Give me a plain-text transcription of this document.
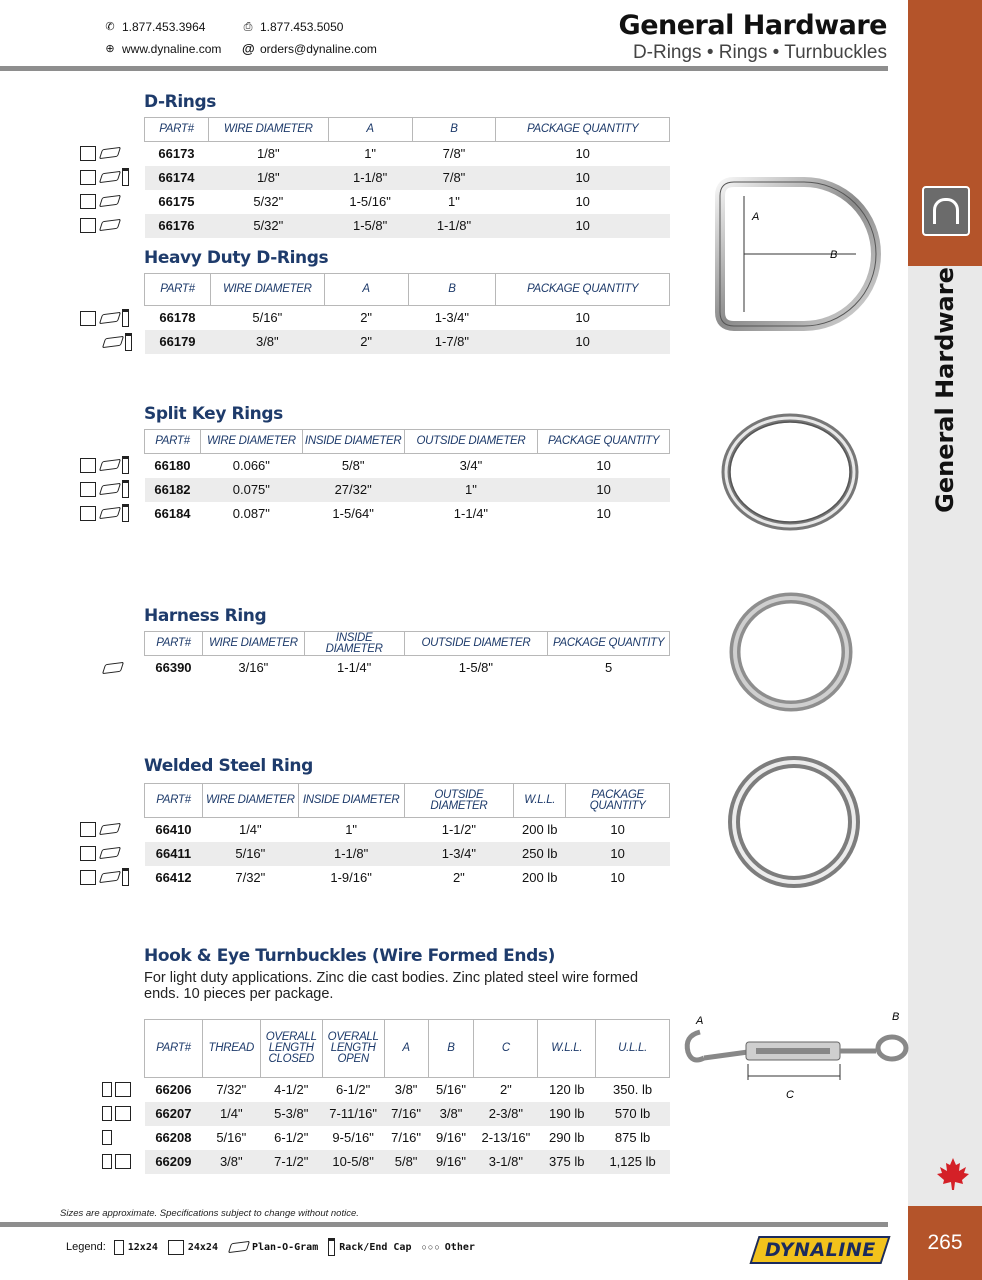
✆ 1.877.453.3964
⊕ www.dynaline.com
⎙ 1.877.453.5050
@ orders@dynaline.com
General Hardware
D-Rings • Rings • Turnbuckles
General Hardware
265
D-Rings
PART#	WIRE DIAMETER	A	B	PACKAGE QUANTITY
66173	1/8"	1"	7/8"	10
66174	1/8"	1-1/8"	7/8"	10
66175	5/32"	1-5/16"	1"	10
66176	5/32"	1-5/8"	1-1/8"	10
Heavy Duty D-Rings
PART#	WIRE DIAMETER	A	B	PACKAGE QUANTITY
66178	5/16"	2"	1-3/4"	10
66179	3/8"	2"	1-7/8"	10
Split Key Rings
PART#	WIRE DIAMETER	INSIDE DIAMETER	OUTSIDE DIAMETER	PACKAGE QUANTITY
66180	0.066"	5/8"	3/4"	10
66182	0.075"	27/32"	1"	10
66184	0.087"	1-5/64"	1-1/4"	10
Harness Ring
PART#	WIRE DIAMETER	INSIDE DIAMETER	OUTSIDE DIAMETER	PACKAGE QUANTITY
66390	3/16"	1-1/4"	1-5/8"	5
Welded Steel Ring
PART#	WIRE DIAMETER	INSIDE DIAMETER	OUTSIDE DIAMETER	W.L.L.	PACKAGE QUANTITY
66410	1/4"	1"	1-1/2"	200 lb	10
66411	5/16"	1-1/8"	1-3/4"	250 lb	10
66412	7/32"	1-9/16"	2"	200 lb	10
Hook & Eye Turnbuckles (Wire Formed Ends)
For light duty applications. Zinc die cast bodies. Zinc plated steel wire formed ends. 10 pieces per package.
PART#	THREAD	OVERALL LENGTH CLOSED	OVERALL LENGTH OPEN	A	B	C	W.L.L.	U.L.L.
66206	7/32"	4-1/2"	6-1/2"	3/8"	5/16"	2"	120 lb	350. lb
66207	1/4"	5-3/8"	7-11/16"	7/16"	3/8"	2-3/8"	190 lb	570 lb
66208	5/16"	6-1/2"	9-5/16"	7/16"	9/16"	2-13/16"	290 lb	875 lb
66209	3/8"	7-1/2"	10-5/8"	5/8"	9/16"	3-1/8"	375 lb	1,125 lb
A
B
A	B
C
Sizes are approximate. Specifications subject to change without notice.
Legend: 12x24	24x24	Plan-O-Gram Rack/End Cap ○○○ Other	DYNALINE
